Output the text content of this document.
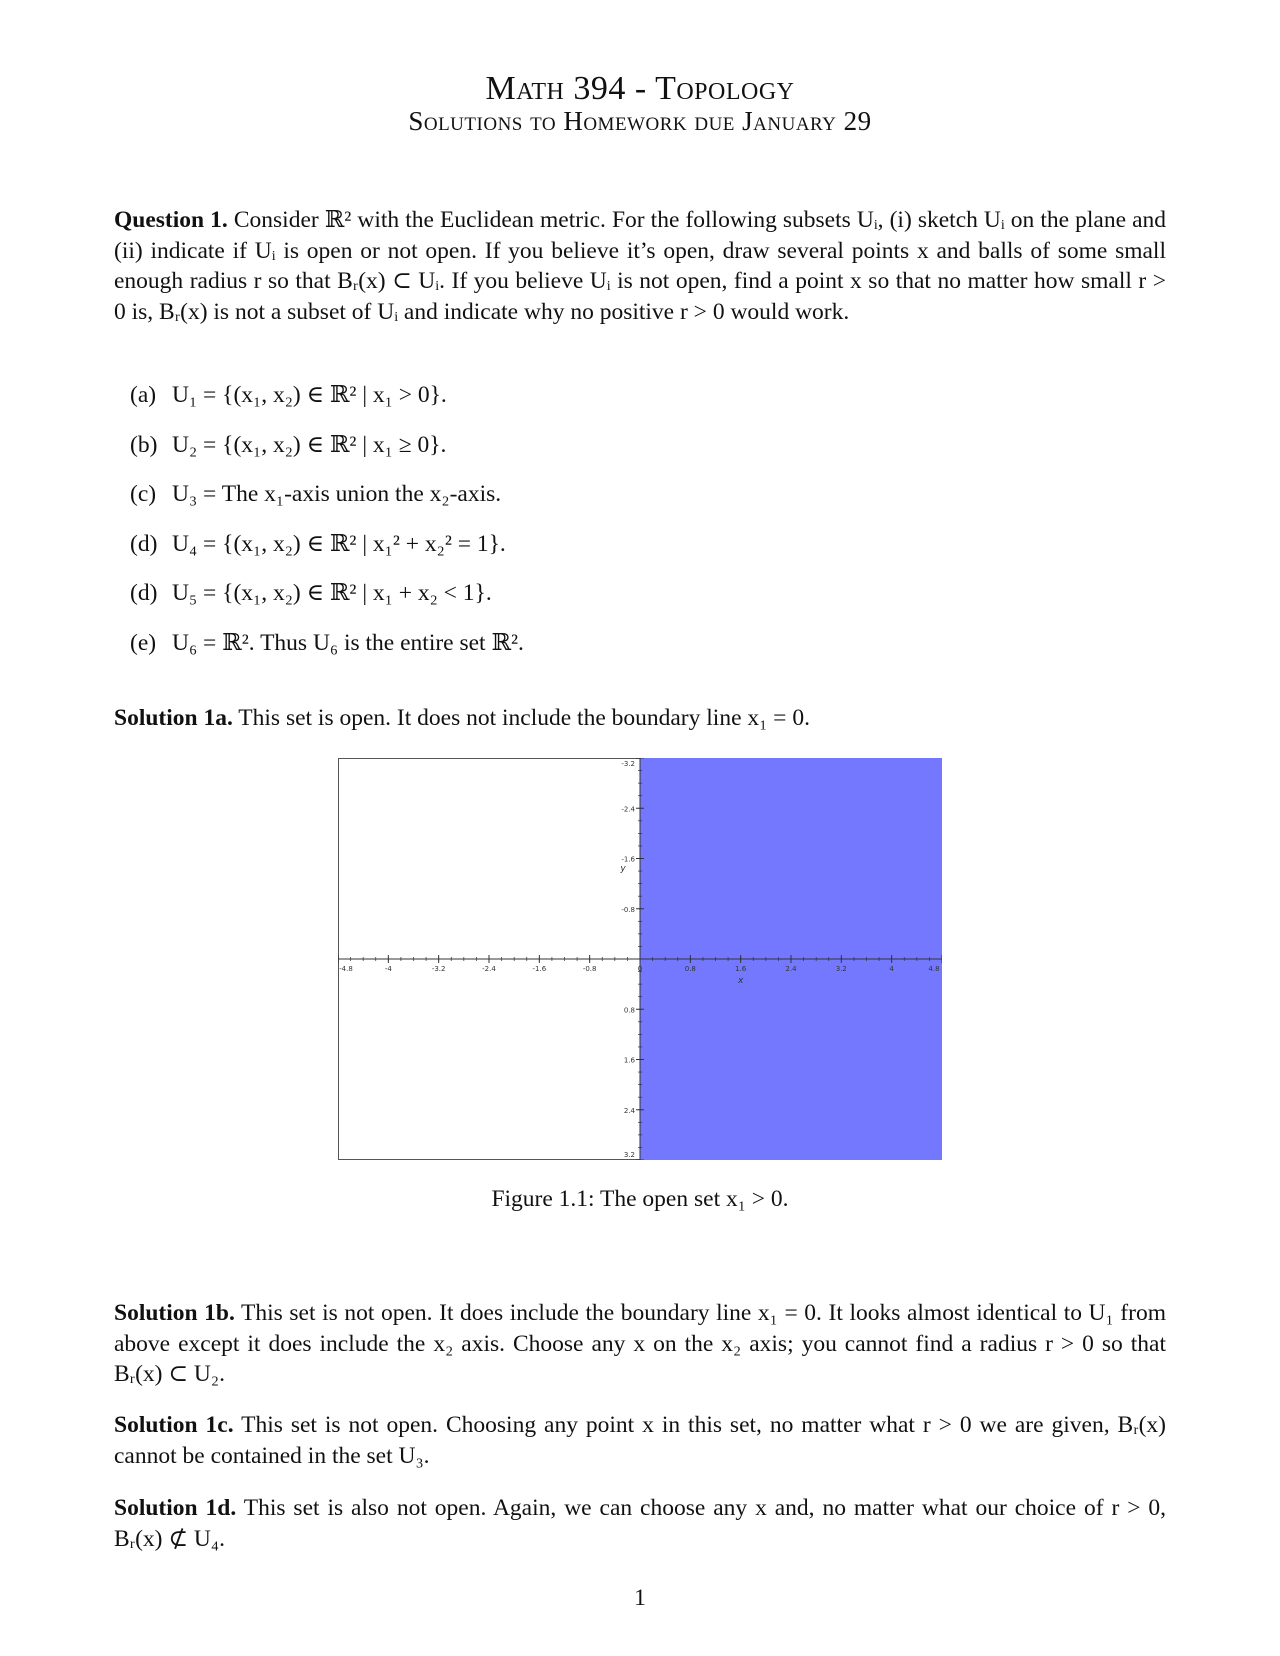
Math 394 - Topology
Solutions to Homework due January 29
Question 1. Consider ℝ² with the Euclidean metric. For the following subsets Uᵢ, (i) sketch Uᵢ on the plane and (ii) indicate if Uᵢ is open or not open. If you believe it’s open, draw several points x and balls of some small enough radius r so that Bᵣ(x) ⊂ Uᵢ. If you believe Uᵢ is not open, find a point x so that no matter how small r > 0 is, Bᵣ(x) is not a subset of Uᵢ and indicate why no positive r > 0 would work.
(a) U₁ = {(x₁, x₂) ∈ ℝ² | x₁ > 0}.
(b) U₂ = {(x₁, x₂) ∈ ℝ² | x₁ ≥ 0}.
(c) U₃ = The x₁-axis union the x₂-axis.
(d) U₄ = {(x₁, x₂) ∈ ℝ² | x₁² + x₂² = 1}.
(d) U₅ = {(x₁, x₂) ∈ ℝ² | x₁ + x₂ < 1}.
(e) U₆ = ℝ². Thus U₆ is the entire set ℝ².
Solution 1a. This set is open. It does not include the boundary line x₁ = 0.
-4.8	-4	-3.2	-2.4	-1.6	-0.8	0	0.8	1.6	2.4	3.2	4	4.8
3.2
2.4
1.6
0.8
-0.8
-1.6
-2.4
-3.2
x
y
Figure 1.1: The open set x₁ > 0.
Solution 1b. This set is not open. It does include the boundary line x₁ = 0. It looks almost identical to U₁ from above except it does include the x₂ axis. Choose any x on the x₂ axis; you cannot find a radius r > 0 so that Bᵣ(x) ⊂ U₂.
Solution 1c. This set is not open. Choosing any point x in this set, no matter what r > 0 we are given, Bᵣ(x) cannot be contained in the set U₃.
Solution 1d. This set is also not open. Again, we can choose any x and, no matter what our choice of r > 0, Bᵣ(x) ⊄ U₄.
1
